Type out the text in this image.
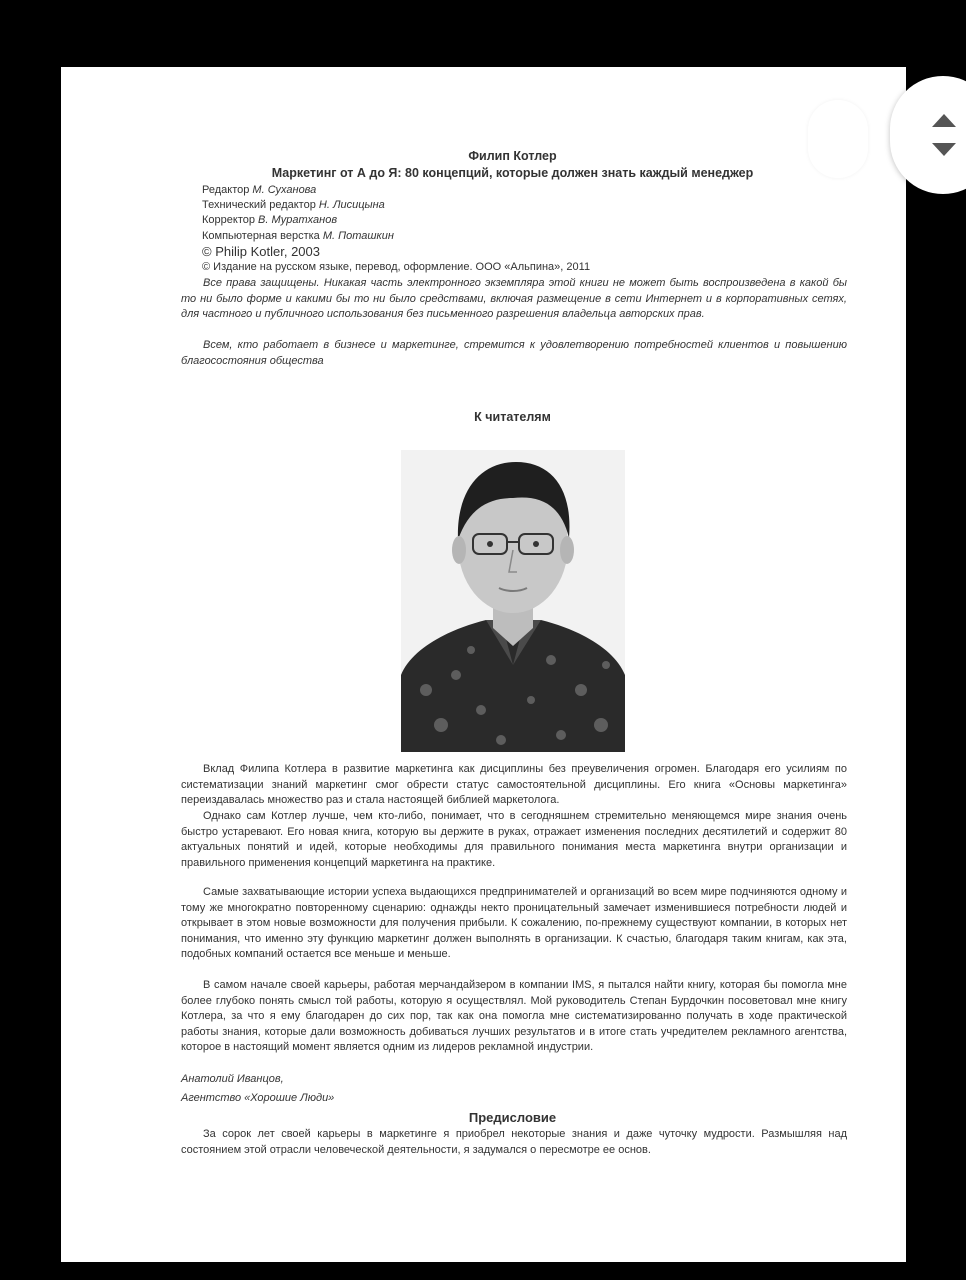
Филип Котлер
Маркетинг от А до Я: 80 концепций, которые должен знать каждый менеджер
Редактор М. Суханова
Технический редактор Н. Лисицына
Корректор В. Муратханов
Компьютерная верстка М. Поташкин
© Philip Kotler, 2003
© Издание на русском языке, перевод, оформление. ООО «Альпина», 2011

Все права защищены. Никакая часть электронного экземпляра этой книги не может быть воспроизведена в какой бы то ни было форме и какими бы то ни было средствами, включая размещение в сети Интернет и в корпоративных сетях, для частного и публичного использования без письменного разрешения владельца авторских прав.

Всем, кто работает в бизнесе и маркетинге, стремится к удовлетворению потребностей клиентов и повышению благосостояния общества

К читателям

Вклад Филипа Котлера в развитие маркетинга как дисциплины без преувеличения огромен. Благодаря его усилиям по систематизации знаний маркетинг смог обрести статус самостоятельной дисциплины. Его книга «Основы маркетинга» переиздавалась множество раз и стала настоящей библией маркетолога.

Однако сам Котлер лучше, чем кто-либо, понимает, что в сегодняшнем стремительно меняющемся мире знания очень быстро устаревают. Его новая книга, которую вы держите в руках, отражает изменения последних десятилетий и содержит 80 актуальных понятий и идей, которые необходимы для правильного понимания места маркетинга внутри организации и правильного применения концепций маркетинга на практике.

Самые захватывающие истории успеха выдающихся предпринимателей и организаций во всем мире подчиняются одному и тому же многократно повторенному сценарию: однажды некто проницательный замечает изменившиеся потребности людей и открывает в этом новые возможности для получения прибыли. К сожалению, по-прежнему существуют компании, в которых нет понимания, что именно эту функцию маркетинг должен выполнять в организации. К счастью, благодаря таким книгам, как эта, подобных компаний остается все меньше и меньше.

В самом начале своей карьеры, работая мерчандайзером в компании IMS, я пытался найти книгу, которая бы помогла мне более глубоко понять смысл той работы, которую я осуществлял. Мой руководитель Степан Бурдочкин посоветовал мне книгу Котлера, за что я ему благодарен до сих пор, так как она помогла мне систематизированно получать в ходе практической работы знания, которые дали возможность добиваться лучших результатов и в итоге стать учредителем рекламного агентства, которое в настоящий момент является одним из лидеров рекламной индустрии.

Анатолий Иванцов,
Агентство «Хорошие Люди»
Предисловие

За сорок лет своей карьеры в маркетинге я приобрел некоторые знания и даже чуточку мудрости. Размышляя над состоянием этой отрасли человеческой деятельности, я задумался о пересмотре ее основ.
